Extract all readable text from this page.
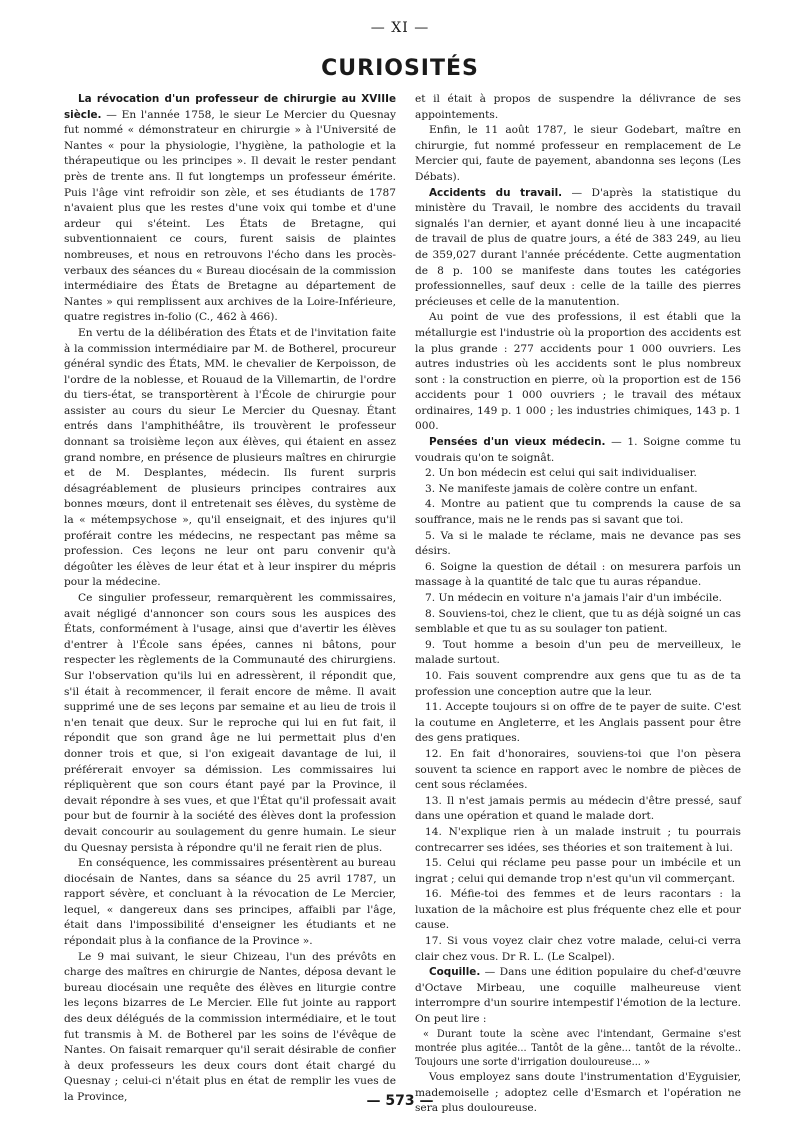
— XI —
CURIOSITÉS

La révocation d'un professeur de chirurgie au XVIIIe siècle. — En l'année 1758, le sieur Le Mercier du Quesnay fut nommé « démonstrateur en chirurgie » à l'Université de Nantes « pour la physiologie, l'hygiène, la pathologie et la thérapeutique ou les principes ». Il devait le rester pendant près de trente ans. Il fut longtemps un professeur émérite. Puis l'âge vint refroidir son zèle, et ses étudiants de 1787 n'avaient plus que les restes d'une voix qui tombe et d'une ardeur qui s'éteint. Les États de Bretagne, qui subventionnaient ce cours, furent saisis de plaintes nombreuses, et nous en retrouvons l'écho dans les procès-verbaux des séances du « Bureau diocésain de la commission intermédiaire des États de Bretagne au département de Nantes » qui remplissent aux archives de la Loire-Inférieure, quatre registres in-folio (C., 462 à 466).

En vertu de la délibération des États et de l'invitation faite à la commission intermédiaire par M. de Botherel, procureur général syndic des États, MM. le chevalier de Kerpoisson, de l'ordre de la noblesse, et Rouaud de la Villemartin, de l'ordre du tiers-état, se transportèrent à l'École de chirurgie pour assister au cours du sieur Le Mercier du Quesnay. Étant entrés dans l'amphithéâtre, ils trouvèrent le professeur donnant sa troisième leçon aux élèves, qui étaient en assez grand nombre, en présence de plusieurs maîtres en chirurgie et de M. Desplantes, médecin. Ils furent surpris désagréablement de plusieurs principes contraires aux bonnes mœurs, dont il entretenait ses élèves, du système de la « métempsychose », qu'il enseignait, et des injures qu'il proférait contre les médecins, ne respectant pas même sa profession. Ces leçons ne leur ont paru convenir qu'à dégoûter les élèves de leur état et à leur inspirer du mépris pour la médecine.

Ce singulier professeur, remarquèrent les commissaires, avait négligé d'annoncer son cours sous les auspices des États, conformément à l'usage, ainsi que d'avertir les élèves d'entrer à l'École sans épées, cannes ni bâtons, pour respecter les règlements de la Communauté des chirurgiens. Sur l'observation qu'ils lui en adressèrent, il répondit que, s'il était à recommencer, il ferait encore de même. Il avait supprimé une de ses leçons par semaine et au lieu de trois il n'en tenait que deux. Sur le reproche qui lui en fut fait, il répondit que son grand âge ne lui permettait plus d'en donner trois et que, si l'on exigeait davantage de lui, il préférerait envoyer sa démission. Les commissaires lui répliquèrent que son cours étant payé par la Province, il devait répondre à ses vues, et que l'État qu'il professait avait pour but de fournir à la société des élèves dont la profession devait concourir au soulagement du genre humain. Le sieur du Quesnay persista à répondre qu'il ne ferait rien de plus.

En conséquence, les commissaires présentèrent au bureau diocésain de Nantes, dans sa séance du 25 avril 1787, un rapport sévère, et concluant à la révocation de Le Mercier, lequel, « dangereux dans ses principes, affaibli par l'âge, était dans l'impossibilité d'enseigner les étudiants et ne répondait plus à la confiance de la Province ».

Le 9 mai suivant, le sieur Chizeau, l'un des prévôts en charge des maîtres en chirurgie de Nantes, déposa devant le bureau diocésain une requête des élèves en liturgie contre les leçons bizarres de Le Mercier. Elle fut jointe au rapport des deux délégués de la commission intermédiaire, et le tout fut transmis à M. de Botherel par les soins de l'évêque de Nantes. On faisait remarquer qu'il serait désirable de confier à deux professeurs les deux cours dont était chargé du Quesnay ; celui-ci n'était plus en état de remplir les vues de la Province,

et il était à propos de suspendre la délivrance de ses appointements.

Enfin, le 11 août 1787, le sieur Godebart, maître en chirurgie, fut nommé professeur en remplacement de Le Mercier qui, faute de payement, abandonna ses leçons (Les Débats).

Accidents du travail. — D'après la statistique du ministère du Travail, le nombre des accidents du travail signalés l'an dernier, et ayant donné lieu à une incapacité de travail de plus de quatre jours, a été de 383 249, au lieu de 359,027 durant l'année précédente. Cette augmentation de 8 p. 100 se manifeste dans toutes les catégories professionnelles, sauf deux : celle de la taille des pierres précieuses et celle de la manutention.

Au point de vue des professions, il est établi que la métallurgie est l'industrie où la proportion des accidents est la plus grande : 277 accidents pour 1 000 ouvriers. Les autres industries où les accidents sont le plus nombreux sont : la construction en pierre, où la proportion est de 156 accidents pour 1 000 ouvriers ; le travail des métaux ordinaires, 149 p. 1 000 ; les industries chimiques, 143 p. 1 000.

Pensées d'un vieux médecin. — 1. Soigne comme tu voudrais qu'on te soignât.

2. Un bon médecin est celui qui sait individualiser.

3. Ne manifeste jamais de colère contre un enfant.

4. Montre au patient que tu comprends la cause de sa souffrance, mais ne le rends pas si savant que toi.

5. Va si le malade te réclame, mais ne devance pas ses désirs.

6. Soigne la question de détail : on mesurera parfois un massage à la quantité de talc que tu auras répandue.

7. Un médecin en voiture n'a jamais l'air d'un imbécile.

8. Souviens-toi, chez le client, que tu as déjà soigné un cas semblable et que tu as su soulager ton patient.

9. Tout homme a besoin d'un peu de merveilleux, le malade surtout.

10. Fais souvent comprendre aux gens que tu as de ta profession une conception autre que la leur.

11. Accepte toujours si on offre de te payer de suite. C'est la coutume en Angleterre, et les Anglais passent pour être des gens pratiques.

12. En fait d'honoraires, souviens-toi que l'on pèsera souvent ta science en rapport avec le nombre de pièces de cent sous réclamées.

13. Il n'est jamais permis au médecin d'être pressé, sauf dans une opération et quand le malade dort.

14. N'explique rien à un malade instruit ; tu pourrais contrecarrer ses idées, ses théories et son traitement à lui.

15. Celui qui réclame peu passe pour un imbécile et un ingrat ; celui qui demande trop n'est qu'un vil commerçant.

16. Méfie-toi des femmes et de leurs racontars : la luxation de la mâchoire est plus fréquente chez elle et pour cause.

17. Si vous voyez clair chez votre malade, celui-ci verra clair chez vous. Dr R. L. (Le Scalpel).

Coquille. — Dans une édition populaire du chef-d'œuvre d'Octave Mirbeau, une coquille malheureuse vient interrompre d'un sourire intempestif l'émotion de la lecture. On peut lire :

« Durant toute la scène avec l'intendant, Germaine s'est montrée plus agitée... Tantôt de la gêne... tantôt de la révolte.. Toujours une sorte d'irrigation douloureuse... »

Vous employez sans doute l'instrumentation d'Eyguisier, mademoiselle ; adoptez celle d'Esmarch et l'opération ne sera plus douloureuse.

— 573 —
